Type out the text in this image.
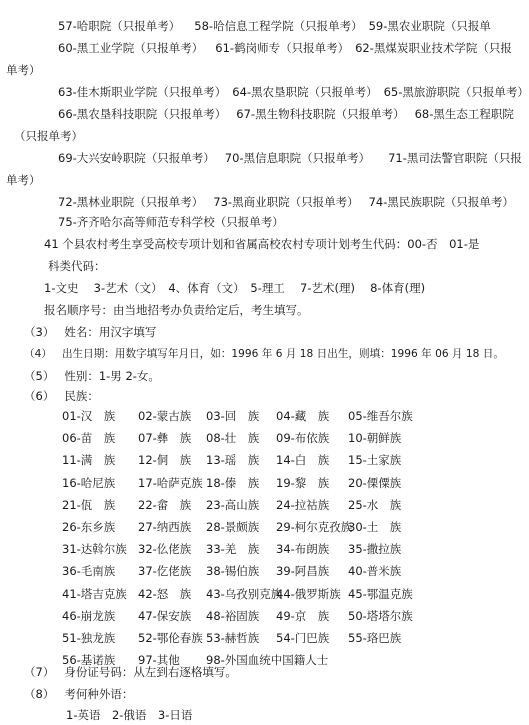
57-哈职院（只报单考） 58-哈信息工程学院（只报单考） 59-黑农业职院（只报单
60-黑工业学院（只报单考） 61-鹤岗师专（只报单考） 62-黑煤炭职业技术学院（只报
单考）
63-佳木斯职业学院（只报单考） 64-黑农垦职院（只报单考） 65-黑旅游职院（只报单考）
66-黑农垦科技职院（只报单考） 67-黑生物科技职院（只报单考） 68-黑生态工程职院
（只报单考）
69-大兴安岭职院（只报单考） 70-黑信息职院（只报单考） 71-黑司法警官职院（只报
单考）
72-黑林业职院（只报单考） 73-黑商业职院（只报单考） 74-黑民族职院（只报单考）
75-齐齐哈尔高等师范专科学校（只报单考）
41 个县农村考生享受高校专项计划和省属高校农村专项计划考生代码：00-否　01-是
科类代码：
1-文史　 3-艺术（文）　4、体育（文）　5-理工　 7-艺术(理)　 8-体育(理)
报名顺序号：由当地招考办负责给定后，考生填写。
（3） 姓名：用汉字填写
（4） 出生日期：用数字填写年月日，如：1996 年 6 月 18 日出生，则填：1996 年 06 月 18 日。
（5） 性别：1-男 2-女。
（6） 民族：
01-汉　族 02-蒙古族 03-回　族 04-藏　族 05-维吾尔族
06-苗　族 07-彝　族 08-壮　族 09-布依族 10-朝鲜族
11-满　族 12-侗　族 13-瑶　族 14-白　族 15-土家族
16-哈尼族 17-哈萨克族 18-傣　族 19-黎　族 20-傈僳族
21-佤　族 22-畲　族 23-高山族 24-拉祜族 25-水　族
26-东乡族 27-纳西族 28-景颇族 29-柯尔克孜族
30-土　族
31-达斡尔族 32-仫佬族 33-羌　族 34-布朗族 35-撒拉族
36-毛南族 37-仡佬族 38-锡伯族 39-阿昌族 40-普米族
41-塔吉克族 42-怒　族 43-乌孜别克族
44-俄罗斯族 45-鄂温克族
46-崩龙族 47-保安族 48-裕固族 49-京　族 50-塔塔尔族
51-独龙族 52-鄂伦春族 53-赫哲族 54-门巴族 55-珞巴族
56-基诺族 97-其他 98-外国血统中国籍人士
（7） 身份证号码：从左到右逐格填写。
（8） 考何种外语：
1-英语　2-俄语　3-日语
